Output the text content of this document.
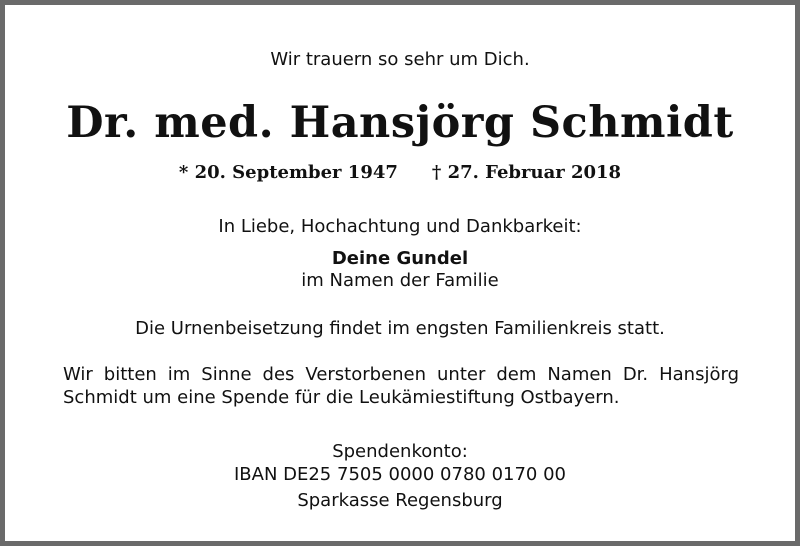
Wir trauern so sehr um Dich.
Dr. med. Hansjörg Schmidt
* 20. September 1947 † 27. Februar 2018
In Liebe, Hochachtung und Dankbarkeit:
Deine Gundel
im Namen der Familie
Die Urnenbeisetzung findet im engsten Familienkreis statt.
Wir bitten im Sinne des Verstorbenen unter dem Namen Dr. Hansjörg
Schmidt um eine Spende für die Leukämiestiftung Ostbayern.
Spendenkonto:
IBAN DE25 7505 0000 0780 0170 00
Sparkasse Regensburg
